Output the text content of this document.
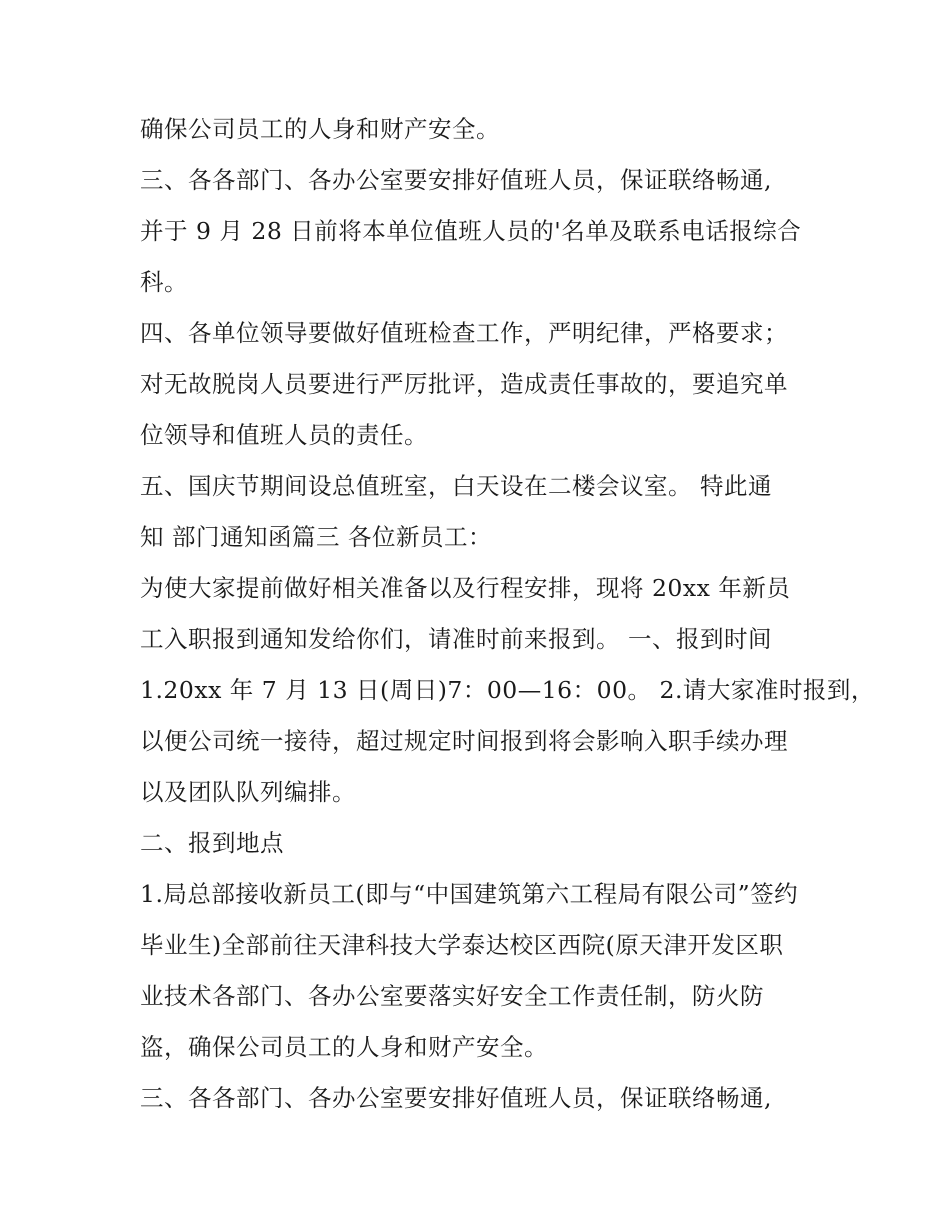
确保公司员工的人身和财产安全。
三、各各部门、各办公室要安排好值班人员，保证联络畅通,
并于 9 月 28 日前将本单位值班人员的'名单及联系电话报综合
科。
四、各单位领导要做好值班检查工作，严明纪律，严格要求；
对无故脱岗人员要进行严厉批评，造成责任事故的，要追究单
位领导和值班人员的责任。
五、国庆节期间设总值班室，白天设在二楼会议室。 特此通
知 部门通知函篇三 各位新员工：
为使大家提前做好相关准备以及行程安排，现将 20xx 年新员
工入职报到通知发给你们，请准时前来报到。 一、报到时间
1.20xx 年 7 月 13 日(周日)7：00—16：00。 2.请大家准时报到，
以便公司统一接待，超过规定时间报到将会影响入职手续办理
以及团队队列编排。
二、报到地点
1.局总部接收新员工(即与“中国建筑第六工程局有限公司”签约
毕业生)全部前往天津科技大学泰达校区西院(原天津开发区职
业技术各部门、各办公室要落实好安全工作责任制，防火防
盗，确保公司员工的人身和财产安全。
三、各各部门、各办公室要安排好值班人员，保证联络畅通,
